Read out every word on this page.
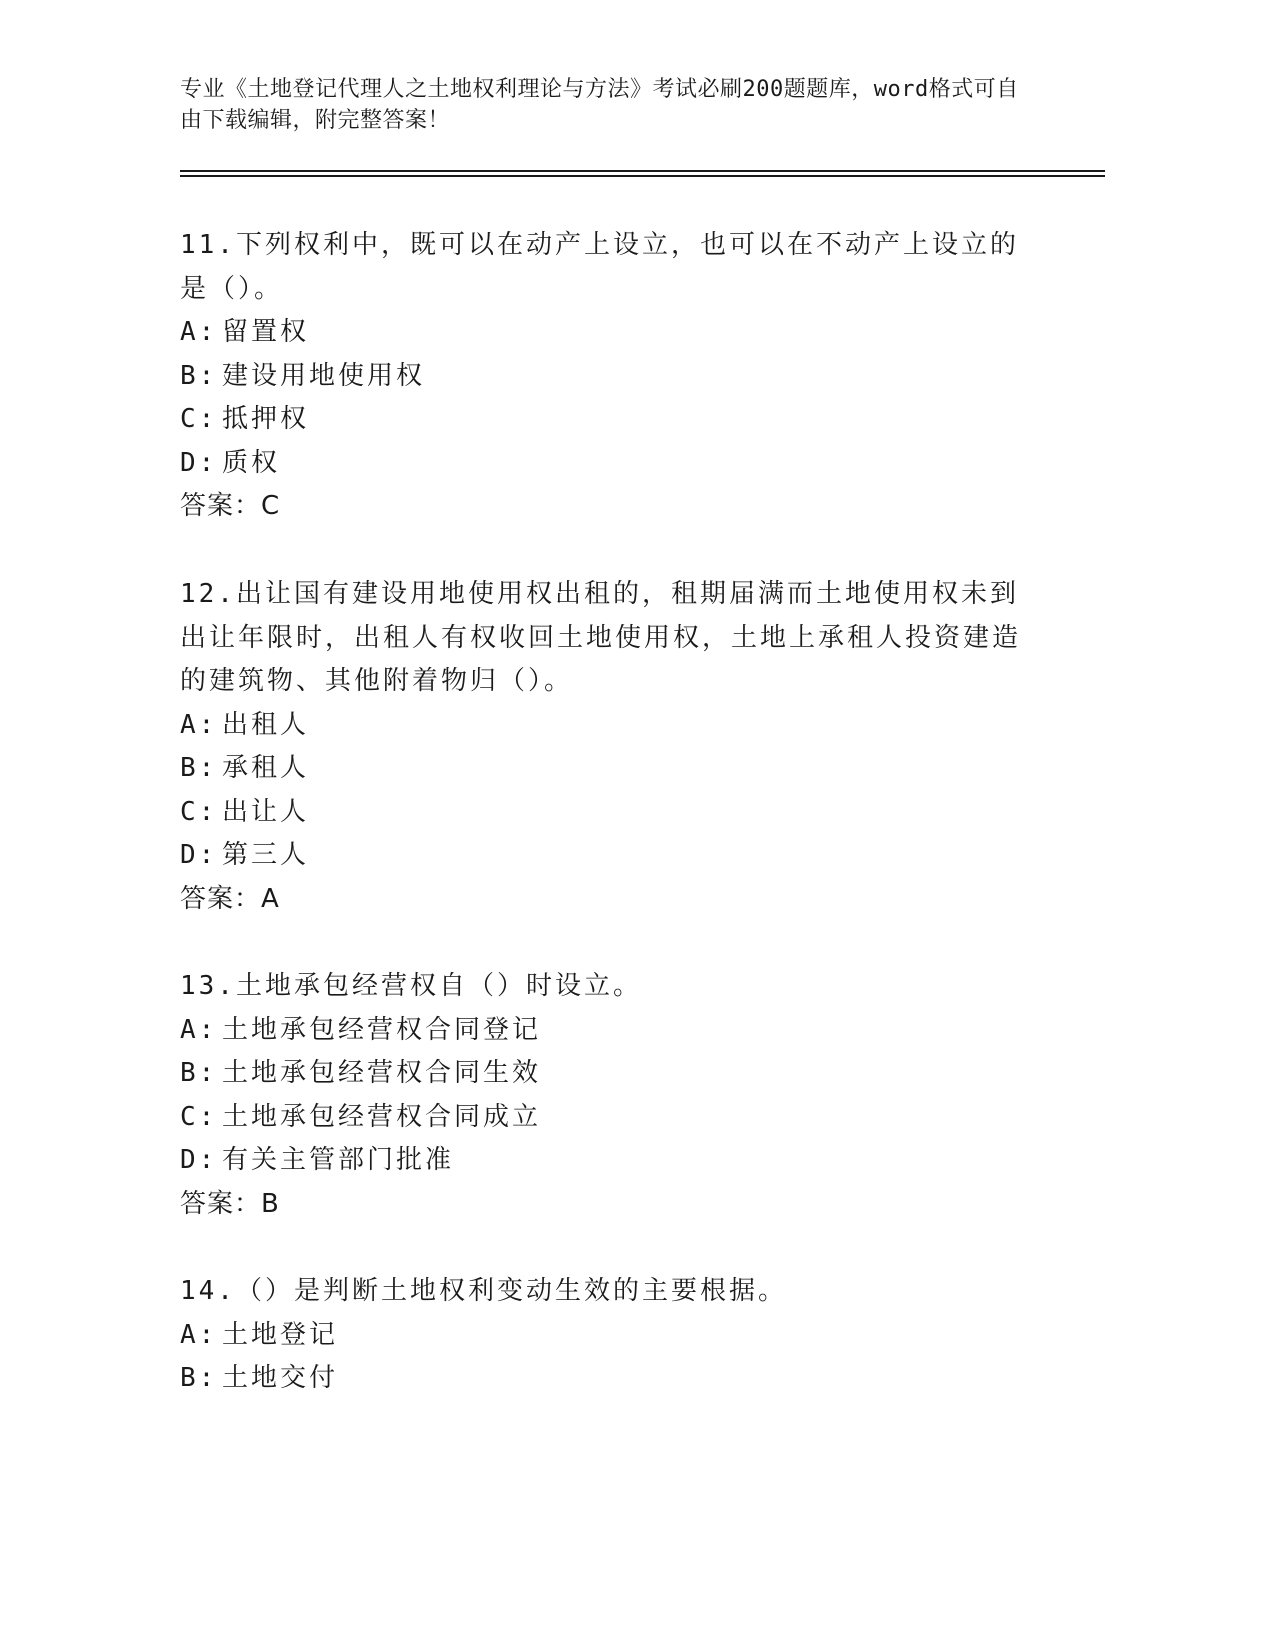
专业《土地登记代理人之土地权利理论与方法》考试必刷200题题库，word格式可自由下载编辑，附完整答案！
11.下列权利中，既可以在动产上设立，也可以在不动产上设立的是（）。
A: 留置权
B: 建设用地使用权
C: 抵押权
D: 质权
答案：C
12.出让国有建设用地使用权出租的，租期届满而土地使用权未到出让年限时，出租人有权收回土地使用权，土地上承租人投资建造的建筑物、其他附着物归（）。
A: 出租人
B: 承租人
C: 出让人
D: 第三人
答案：A
13.土地承包经营权自（）时设立。
A: 土地承包经营权合同登记
B: 土地承包经营权合同生效
C: 土地承包经营权合同成立
D: 有关主管部门批准
答案：B
14.（）是判断土地权利变动生效的主要根据。
A: 土地登记
B: 土地交付
